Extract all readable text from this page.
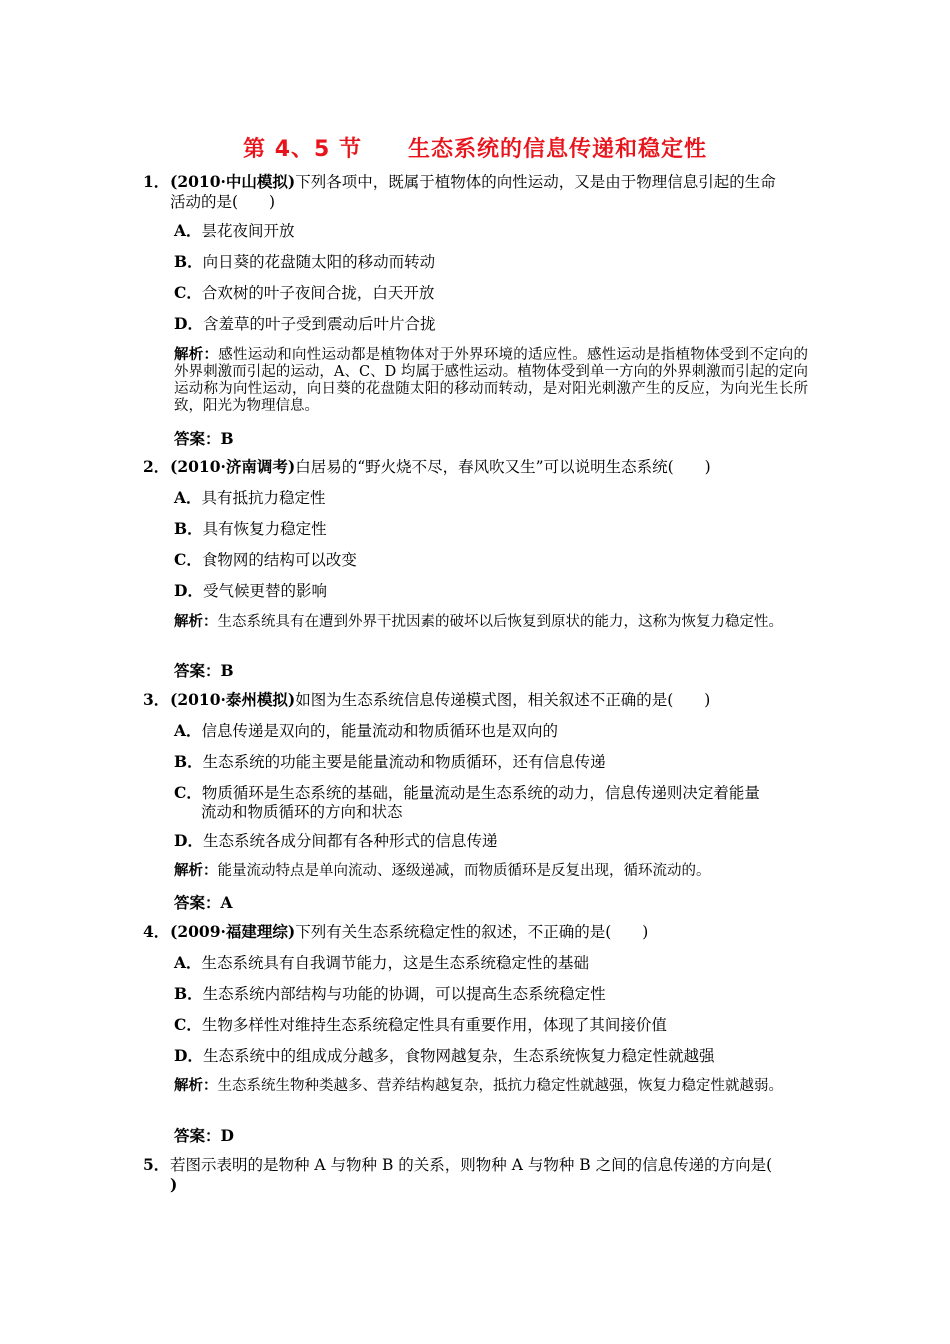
第 4、5 节　　生态系统的信息传递和稳定性
1．(2010·中山模拟)下列各项中，既属于植物体的向性运动，又是由于物理信息引起的生命
活动的是(　　)
A．昙花夜间开放
B．向日葵的花盘随太阳的移动而转动
C．合欢树的叶子夜间合拢，白天开放
D．含羞草的叶子受到震动后叶片合拢
解析：感性运动和向性运动都是植物体对于外界环境的适应性。感性运动是指植物体受到不定向的外界刺激而引起的运动，A、C、D 均属于感性运动。植物体受到单一方向的外界刺激而引起的定向运动称为向性运动，向日葵的花盘随太阳的移动而转动，是对阳光刺激产生的反应，为向光生长所致，阳光为物理信息。
答案：B
2．(2010·济南调考)白居易的“野火烧不尽，春风吹又生”可以说明生态系统(　　)
A．具有抵抗力稳定性
B．具有恢复力稳定性
C．食物网的结构可以改变
D．受气候更替的影响
解析：生态系统具有在遭到外界干扰因素的破坏以后恢复到原状的能力，这称为恢复力稳定性。
答案：B
3．(2010·泰州模拟)如图为生态系统信息传递模式图，相关叙述不正确的是(　　)
A．信息传递是双向的，能量流动和物质循环也是双向的
B．生态系统的功能主要是能量流动和物质循环，还有信息传递
C．物质循环是生态系统的基础，能量流动是生态系统的动力，信息传递则决定着能量
流动和物质循环的方向和状态
D．生态系统各成分间都有各种形式的信息传递
解析：能量流动特点是单向流动、逐级递减，而物质循环是反复出现，循环流动的。
答案：A
4．(2009·福建理综)下列有关生态系统稳定性的叙述，不正确的是(　　)
A．生态系统具有自我调节能力，这是生态系统稳定性的基础
B．生态系统内部结构与功能的协调，可以提高生态系统稳定性
C．生物多样性对维持生态系统稳定性具有重要作用，体现了其间接价值
D．生态系统中的组成成分越多，食物网越复杂，生态系统恢复力稳定性就越强
解析：生态系统生物种类越多、营养结构越复杂，抵抗力稳定性就越强，恢复力稳定性就越弱。
答案：D
5．若图示表明的是物种 A 与物种 B 的关系，则物种 A 与物种 B 之间的信息传递的方向是(
)
